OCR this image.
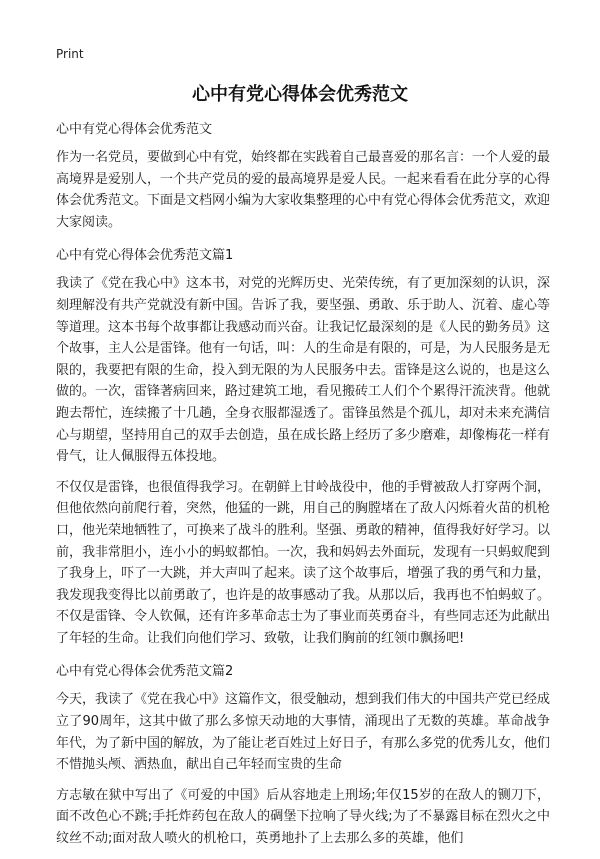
Print
心中有党心得体会优秀范文

心中有党心得体会优秀范文

作为一名党员，要做到心中有党，始终都在实践着自己最喜爱的那名言：一个人爱的最高境界是爱别人，一个共产党员的爱的最高境界是爱人民。一起来看看在此分享的心得体会优秀范文。下面是文档网小编为大家收集整理的心中有党心得体会优秀范文，欢迎大家阅读。

心中有党心得体会优秀范文篇1

我读了《党在我心中》这本书，对党的光辉历史、光荣传统，有了更加深刻的认识，深刻理解没有共产党就没有新中国。告诉了我，要坚强、勇敢、乐于助人、沉着、虚心等等道理。这本书每个故事都让我感动而兴奋。让我记忆最深刻的是《人民的勤务员》这个故事，主人公是雷锋。他有一句话，叫：人的生命是有限的，可是，为人民服务是无限的，我要把有限的生命，投入到无限的为人民服务中去。雷锋是这么说的，也是这么做的。一次，雷锋著病回来，路过建筑工地，看见搬砖工人们个个累得汗流浃背。他就跑去帮忙，连续搬了十几趟，全身衣服都湿透了。雷锋虽然是个孤儿，却对未来充满信心与期望，坚持用自己的双手去创造，虽在成长路上经历了多少磨难，却像梅花一样有骨气，让人佩服得五体投地。

不仅仅是雷锋，也很值得我学习。在朝鲜上甘岭战役中，他的手臂被敌人打穿两个洞，但他依然向前爬行着，突然，他猛的一跳，用自己的胸膛堵在了敌人闪烁着火苗的机枪口，他光荣地牺牲了，可换来了战斗的胜利。坚强、勇敢的精神，值得我好好学习。以前，我非常胆小，连小小的蚂蚁都怕。一次，我和妈妈去外面玩，发现有一只蚂蚁爬到了我身上，吓了一大跳，并大声叫了起来。读了这个故事后，增强了我的勇气和力量，我发现我变得比以前勇敢了，也许是的故事感动了我。从那以后，我再也不怕蚂蚁了。不仅是雷锋、令人钦佩，还有许多革命志士为了事业而英勇奋斗，有些同志还为此献出了年轻的生命。让我们向他们学习、致敬，让我们胸前的红领巾飘扬吧!

心中有党心得体会优秀范文篇2

今天，我读了《党在我心中》这篇作文，很受触动，想到我们伟大的中国共产党已经成立了90周年，这其中做了那么多惊天动地的大事情，涌现出了无数的英雄。革命战争年代，为了新中国的解放，为了能让老百姓过上好日子，有那么多党的优秀儿女，他们不惜抛头颅、洒热血，献出自己年轻而宝贵的生命

方志敏在狱中写出了《可爱的中国》后从容地走上刑场;年仅15岁的在敌人的铡刀下，面不改色心不跳;手托炸药包在敌人的碉堡下拉响了导火线;为了不暴露目标在烈火之中纹丝不动;面对敌人喷火的机枪口，英勇地扑了上去那么多的英雄，他们
